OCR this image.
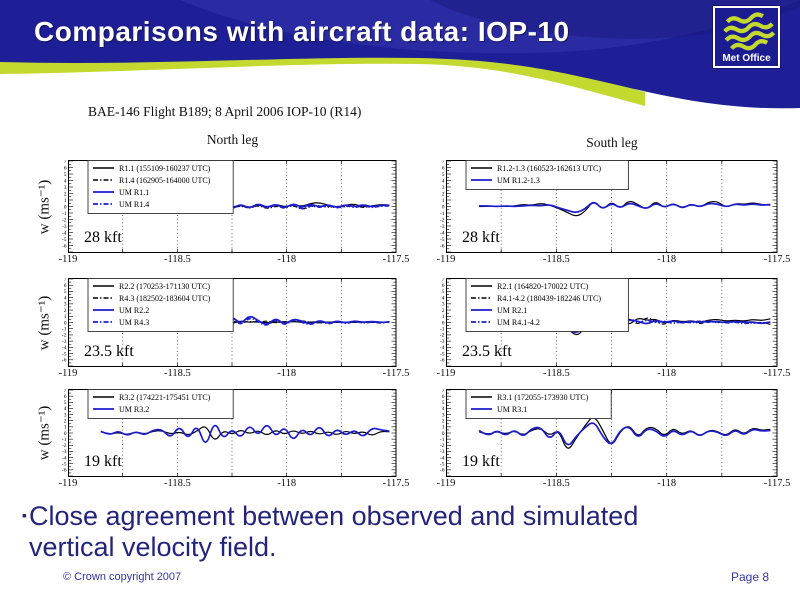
Comparisons with aircraft data: IOP-10
Met Office
BAE-146 Flight B189; 8 April 2006 IOP-10 (R14)
North leg	South leg
7
6
5
4
3
2
1
0
-1
-2
-3
-4
-5
-6
R1.1 (155109-160237 UTC)
R1.4 (162905-164000 UTC)
UM R1.1
UM R1.4
28 kft
-119	-118.5	-118	-117.5
w (ms⁻¹)
7
6
5
4
3
2
1
0
-1
-2
-3
-4
-5
-6
R2.2 (170253-171130 UTC)
R4.3 (182502-183604 UTC)
UM R2.2
UM R4.3
23.5 kft
-119	-118.5	-118	-117.5
w (ms⁻¹)
7
6
5
4
3
2
1
0
-1
-2
-3
-4
-5
-6
R3.2 (174221-175451 UTC)
UM R3.2
19 kft
-119	-118.5	-118	-117.5
w (ms⁻¹)
7
6
5
4
3
2
1
0
-1
-2
-3
-4
-5
-6
R1.2-1.3 (160523-162613 UTC)
UM R1.2-1.3
28 kft
-119	-118.5	-118	-117.5
7
6
5
4
3
2
1
0
-1
-2
-3
-4
-5
-6
R2.1 (164820-170022 UTC)
R4.1-4.2 (180439-182246 UTC)
UM R2.1
UM R4.1-4.2
23.5 kft
-119	-118.5	-118	-117.5
7
6
5
4
3
2
1
0
-1
-2
-3
-4
-5
-6
R3.1 (172055-173930 UTC)
UM R3.1
19 kft
-119	-118.5	-118	-117.5
▪ Close agreement between observed and simulated vertical velocity field.
© Crown copyright 2007	Page 8
